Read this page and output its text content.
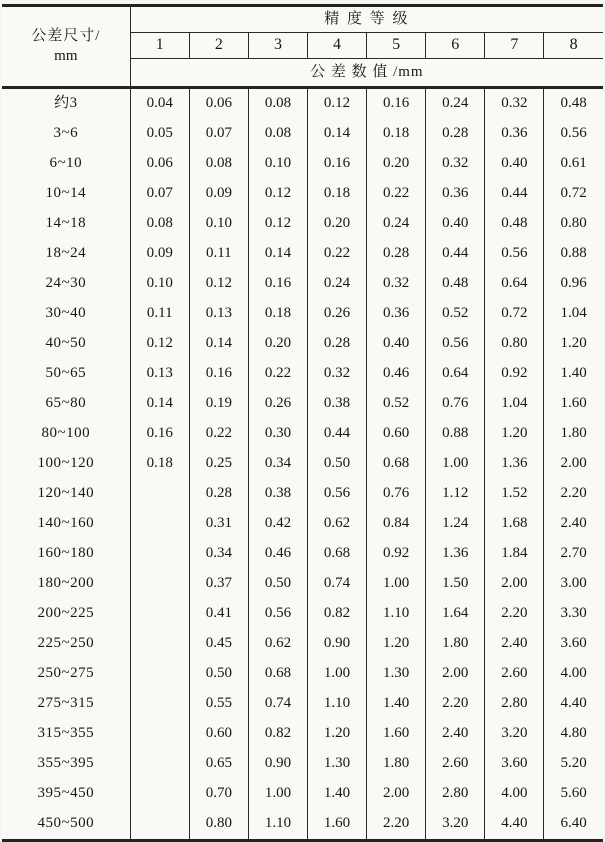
公差尺寸/
mm	精 度 等 级							
	1	2	3	4	5	6	7	8
	公 差 数 值 /mm							
约3	0.04	0.06	0.08	0.12	0.16	0.24	0.32	0.48
3~6	0.05	0.07	0.08	0.14	0.18	0.28	0.36	0.56
6~10	0.06	0.08	0.10	0.16	0.20	0.32	0.40	0.61
10~14	0.07	0.09	0.12	0.18	0.22	0.36	0.44	0.72
14~18	0.08	0.10	0.12	0.20	0.24	0.40	0.48	0.80
18~24	0.09	0.11	0.14	0.22	0.28	0.44	0.56	0.88
24~30	0.10	0.12	0.16	0.24	0.32	0.48	0.64	0.96
30~40	0.11	0.13	0.18	0.26	0.36	0.52	0.72	1.04
40~50	0.12	0.14	0.20	0.28	0.40	0.56	0.80	1.20
50~65	0.13	0.16	0.22	0.32	0.46	0.64	0.92	1.40
65~80	0.14	0.19	0.26	0.38	0.52	0.76	1.04	1.60
80~100	0.16	0.22	0.30	0.44	0.60	0.88	1.20	1.80
100~120	0.18	0.25	0.34	0.50	0.68	1.00	1.36	2.00
120~140		0.28	0.38	0.56	0.76	1.12	1.52	2.20
140~160		0.31	0.42	0.62	0.84	1.24	1.68	2.40
160~180		0.34	0.46	0.68	0.92	1.36	1.84	2.70
180~200		0.37	0.50	0.74	1.00	1.50	2.00	3.00
200~225		0.41	0.56	0.82	1.10	1.64	2.20	3.30
225~250		0.45	0.62	0.90	1.20	1.80	2.40	3.60
250~275		0.50	0.68	1.00	1.30	2.00	2.60	4.00
275~315		0.55	0.74	1.10	1.40	2.20	2.80	4.40
315~355		0.60	0.82	1.20	1.60	2.40	3.20	4.80
355~395		0.65	0.90	1.30	1.80	2.60	3.60	5.20
395~450		0.70	1.00	1.40	2.00	2.80	4.00	5.60
450~500		0.80	1.10	1.60	2.20	3.20	4.40	6.40
